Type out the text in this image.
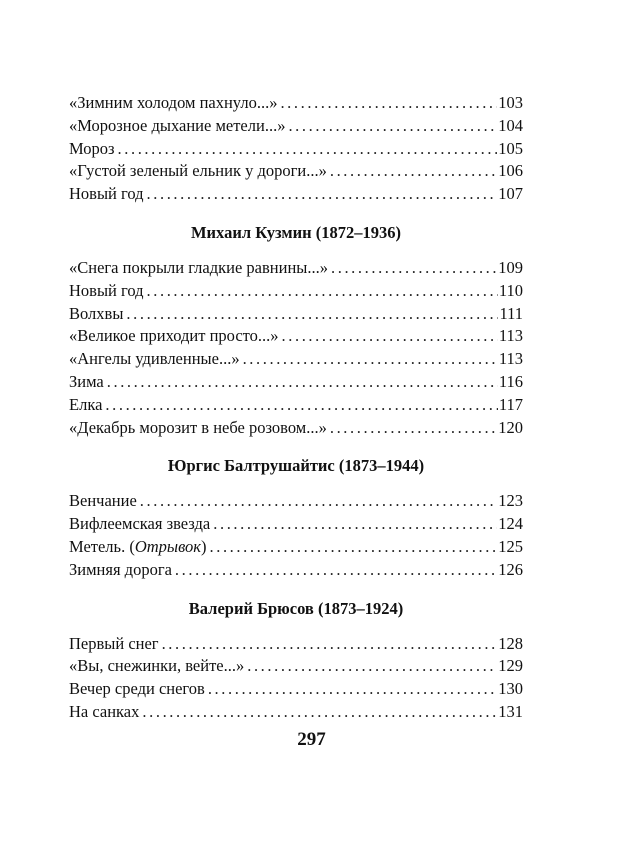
«Зимним холодом пахнуло...» .....	103
«Морозное дыхание метели...» .....	104
Мороз .....	105
«Густой зеленый ельник у дороги...» .....	106
Новый год .....	107
Михаил Кузмин (1872–1936)
«Снега покрыли гладкие равнины...» .....	109
Новый год .....	110
Волхвы .....	111
«Великое приходит просто...» .....	113
«Ангелы удивленные...» .....	113
Зима .....	116
Елка .....	117
«Декабрь морозит в небе розовом...» .....	120
Юргис Балтрушайтис (1873–1944)
Венчание .....	123
Вифлеемская звезда .....	124
Метель. (Отрывок) .....	125
Зимняя дорога .....	126
Валерий Брюсов (1873–1924)
Первый снег .....	128
«Вы, снежинки, вейте...» .....	129
Вечер среди снегов .....	130
На санках .....	131
297
